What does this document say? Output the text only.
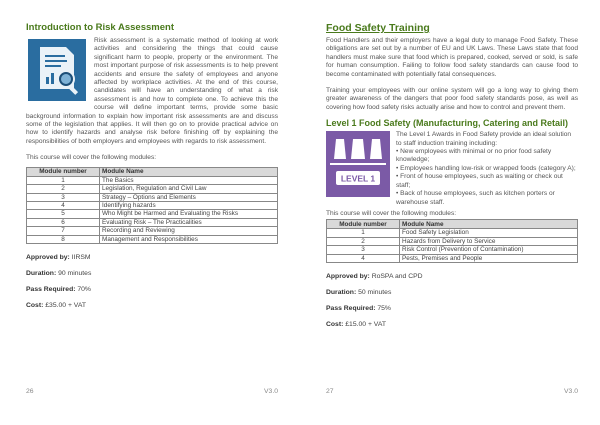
Introduction to Risk Assessment

Risk assessment is a systematic method of looking at work activities and considering the things that could cause significant harm to people, property or the environment. The most important purpose of risk assessments is to help prevent accidents and ensure the safety of employees and anyone affected by workplace activities. At the end of this course, candidates will have an understanding of what a risk assessment is and how to complete one. To achieve this the course will define important terms, provide some basic background information to explain how important risk assessments are and discuss some of the legislation that applies. It will then go on to provide practical advice on how to identify hazards and analyse risk before finishing off by explaining the responsibilities of both employers and employees with regards to risk assessment.

This course will cover the following modules:

Module number	Module Name
1	The Basics
2	Legislation, Regulation and Civil Law
3	Strategy – Options and Elements
4	Identifying hazards
5	Who Might be Harmed and Evaluating the Risks
6	Evaluating Risk – The Practicalities
7	Recording and Reviewing
8	Management and Responsibilities
Approved by: IIRSM
Duration: 90 minutes
Pass Required: 70%
Cost: £35.00 + VAT
26	V3.0
Food Safety Training

Food Handlers and their employers have a legal duty to manage Food Safety. These obligations are set out by a number of EU and UK Laws. These Laws state that food handlers must make sure that food which is prepared, cooked, served or sold, is safe for human consumption. Failing to follow food safety standards can cause food to become contaminated with potentially fatal consequences.

Training your employees with our online system will go a long way to giving them greater awareness of the dangers that poor food safety standards pose, as well as covering how food safety risks actually arise and how to control and prevent them.

Level 1 Food Safety (Manufacturing, Catering and Retail)
LEVEL 1

The Level 1 Awards in Food Safety provide an ideal solution to staff induction training including:

• New employees with minimal or no prior food safety knowledge;

• Employees handling low-risk or wrapped foods (category A);

• Front of house employees, such as waiting or check out staff;

• Back of house employees, such as kitchen porters or warehouse staff.

This course will cover the following modules:

Module number	Module Name
1	Food Safety Legislation
2	Hazards from Delivery to Service
3	Risk Control (Prevention of Contamination)
4	Pests, Premises and People
Approved by: RoSPA and CPD
Duration: 50 minutes
Pass Required: 75%
Cost: £15.00 + VAT
27	V3.0
